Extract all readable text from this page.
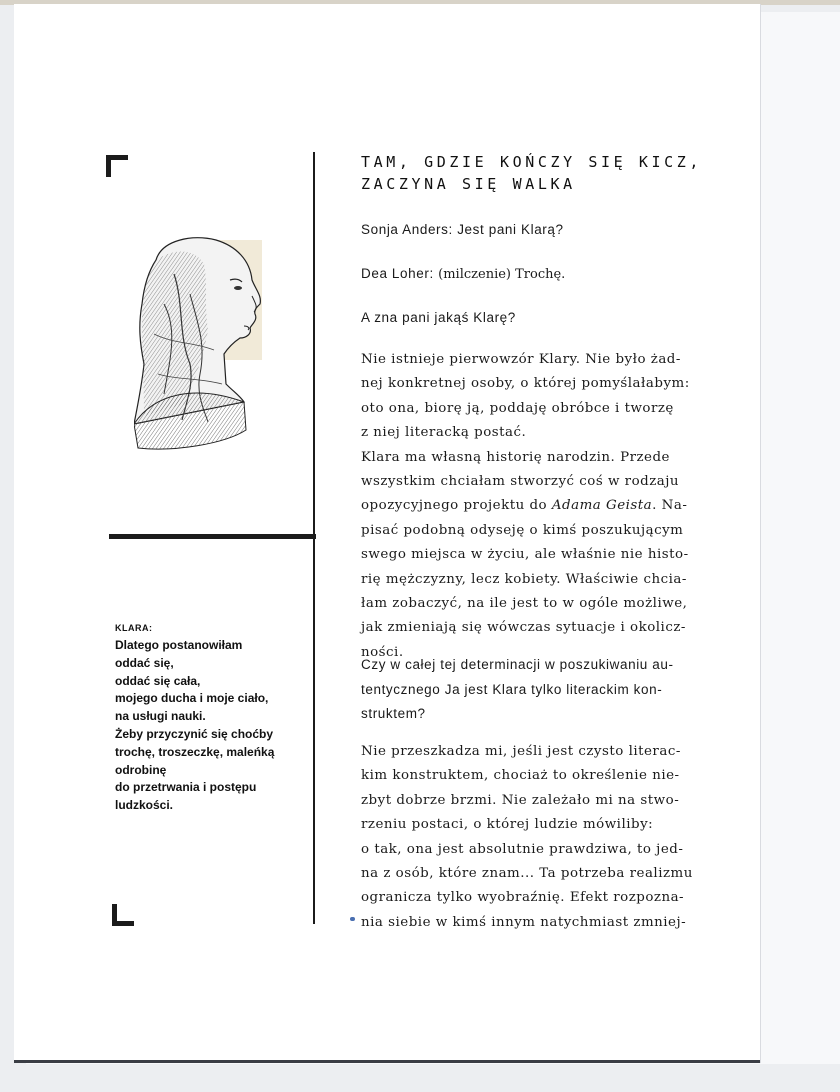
KLARA:
Dlatego postanowiłam
oddać się,
oddać się cała,
mojego ducha i moje ciało,
na usługi nauki.
Żeby przyczynić się choćby
trochę, troszeczkę, maleńką
odrobinę
do przetrwania i postępu
ludzkości.
TAM, GDZIE KOŃCZY SIĘ KICZ,
ZACZYNA SIĘ WALKA
Sonja Anders: Jest pani Klarą?
Dea Loher: (milczenie) Trochę.
A zna pani jakąś Klarę?
Nie istnieje pierwowzór Klary. Nie było żad-
nej konkretnej osoby, o której pomyślałabym:
oto ona, biorę ją, poddaję obróbce i tworzę
z niej literacką postać.
Klara ma własną historię narodzin. Przede
wszystkim chciałam stworzyć coś w rodzaju
opozycyjnego projektu do Adama Geista. Na-
pisać podobną odyseję o kimś poszukującym
swego miejsca w życiu, ale właśnie nie histo-
rię mężczyzny, lecz kobiety. Właściwie chcia-
łam zobaczyć, na ile jest to w ogóle możliwe,
jak zmieniają się wówczas sytuacje i okolicz-
ności.
Czy w całej tej determinacji w poszukiwaniu au-
tentycznego Ja jest Klara tylko literackim kon-
struktem?
Nie przeszkadza mi, jeśli jest czysto literac-
kim konstruktem, chociaż to określenie nie-
zbyt dobrze brzmi. Nie zależało mi na stwo-
rzeniu postaci, o której ludzie mówiliby:
o tak, ona jest absolutnie prawdziwa, to jed-
na z osób, które znam... Ta potrzeba realizmu
ogranicza tylko wyobraźnię. Efekt rozpozna-
nia siebie w kimś innym natychmiast zmniej-
